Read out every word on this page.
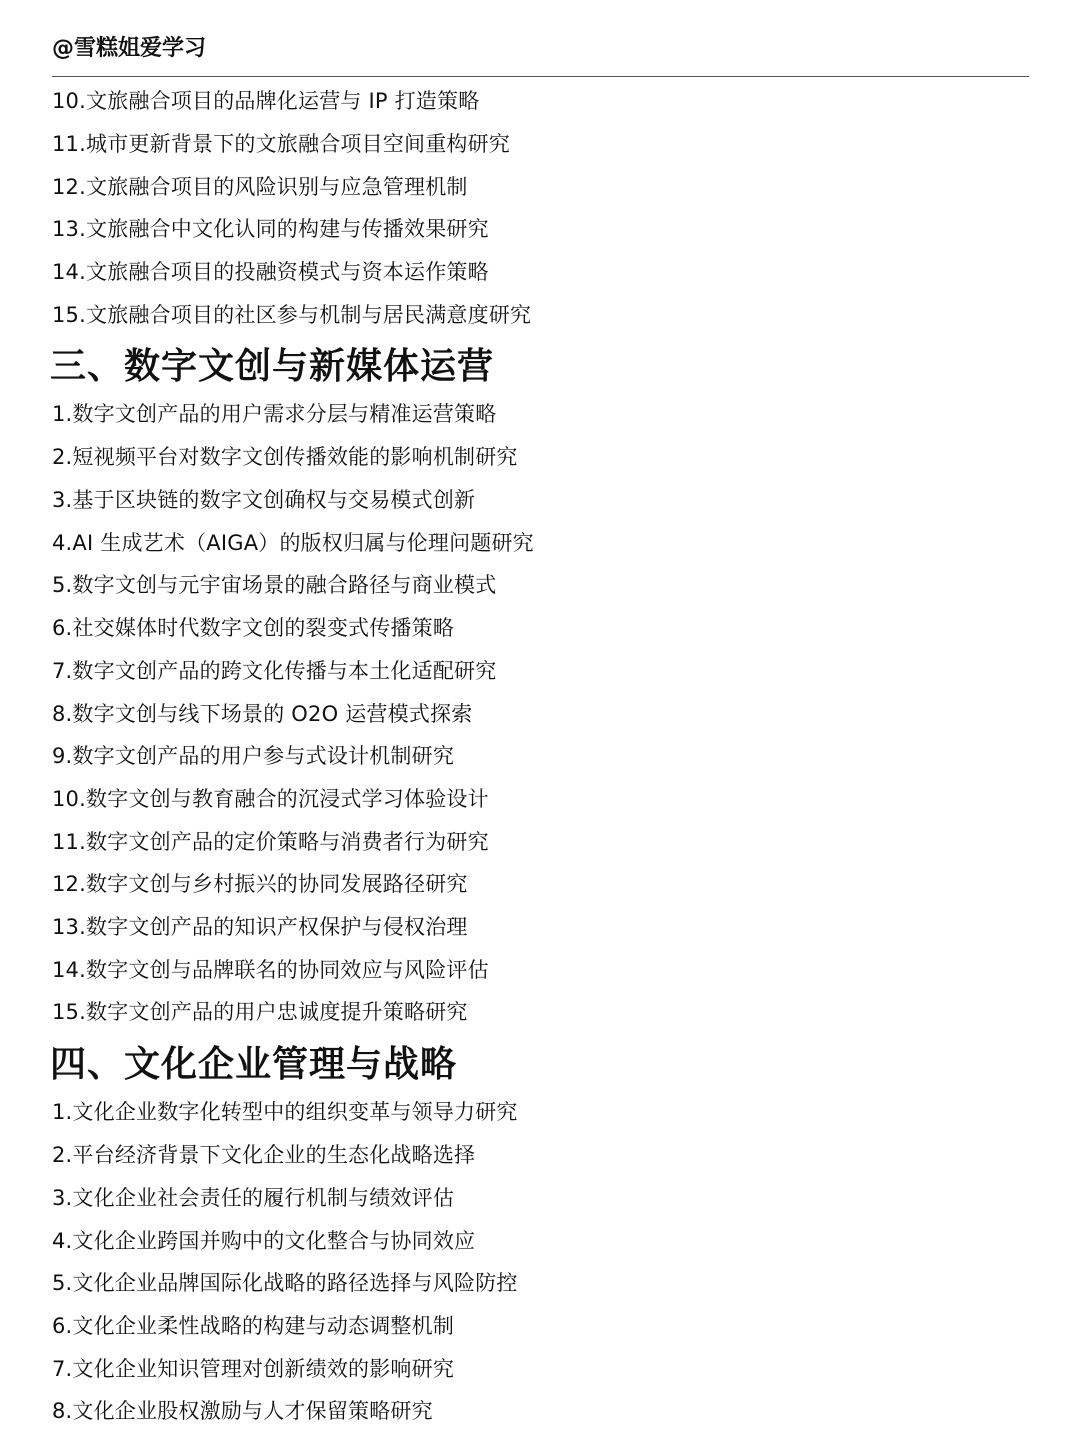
@雪糕姐爱学习
10.文旅融合项目的品牌化运营与 IP 打造策略
11.城市更新背景下的文旅融合项目空间重构研究
12.文旅融合项目的风险识别与应急管理机制
13.文旅融合中文化认同的构建与传播效果研究
14.文旅融合项目的投融资模式与资本运作策略
15.文旅融合项目的社区参与机制与居民满意度研究
三、数字文创与新媒体运营
1.数字文创产品的用户需求分层与精准运营策略
2.短视频平台对数字文创传播效能的影响机制研究
3.基于区块链的数字文创确权与交易模式创新
4.AI 生成艺术（AIGA）的版权归属与伦理问题研究
5.数字文创与元宇宙场景的融合路径与商业模式
6.社交媒体时代数字文创的裂变式传播策略
7.数字文创产品的跨文化传播与本土化适配研究
8.数字文创与线下场景的 O2O 运营模式探索
9.数字文创产品的用户参与式设计机制研究
10.数字文创与教育融合的沉浸式学习体验设计
11.数字文创产品的定价策略与消费者行为研究
12.数字文创与乡村振兴的协同发展路径研究
13.数字文创产品的知识产权保护与侵权治理
14.数字文创与品牌联名的协同效应与风险评估
15.数字文创产品的用户忠诚度提升策略研究
四、文化企业管理与战略
1.文化企业数字化转型中的组织变革与领导力研究
2.平台经济背景下文化企业的生态化战略选择
3.文化企业社会责任的履行机制与绩效评估
4.文化企业跨国并购中的文化整合与协同效应
5.文化企业品牌国际化战略的路径选择与风险防控
6.文化企业柔性战略的构建与动态调整机制
7.文化企业知识管理对创新绩效的影响研究
8.文化企业股权激励与人才保留策略研究
